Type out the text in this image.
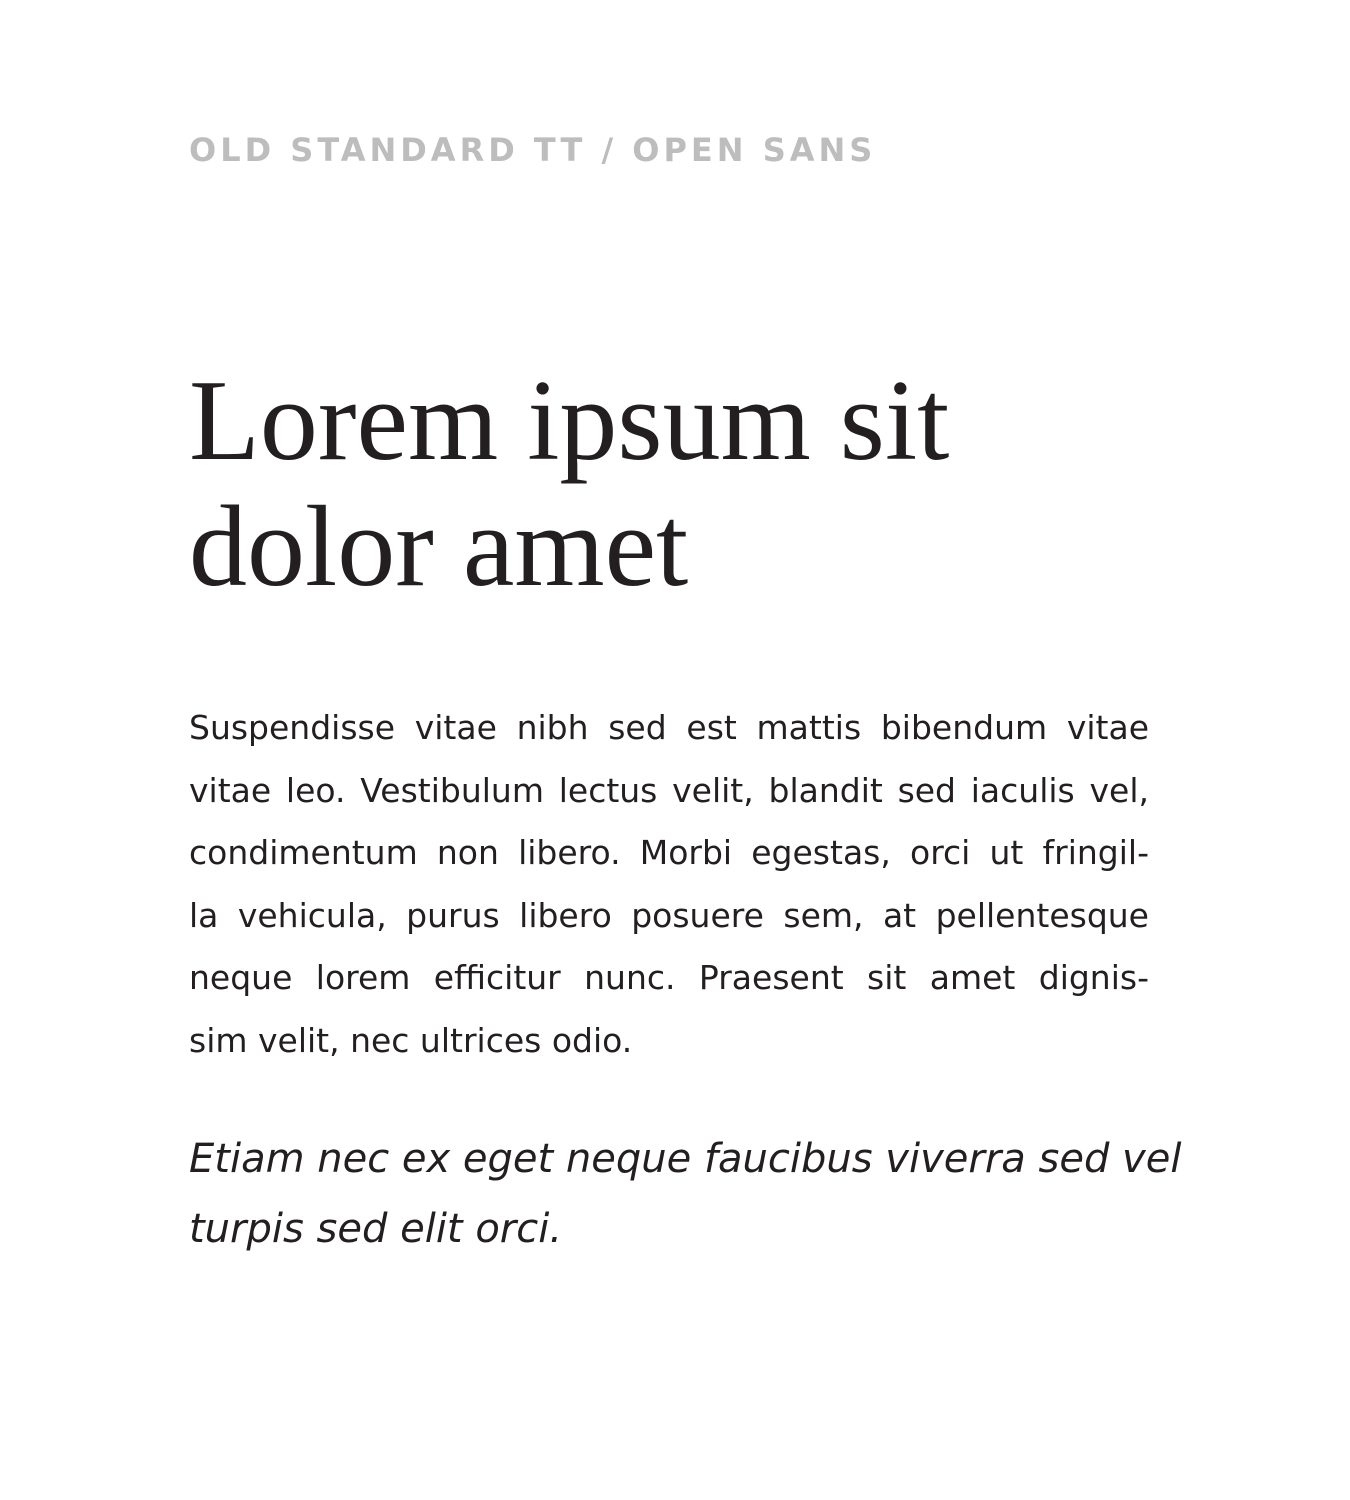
OLD STANDARD TT / OPEN SANS
Lorem ipsum sit
dolor amet

Suspendisse vitae nibh sed est mattis bibendum vitae
vitae leo. Vestibulum lectus velit, blandit sed iaculis vel,
condimentum non libero. Morbi egestas, orci ut fringil-
la vehicula, purus libero posuere sem, at pellentesque
neque lorem efficitur nunc. Praesent sit amet dignis-
sim velit, nec ultrices odio.

Etiam nec ex eget neque faucibus viverra sed vel
turpis sed elit orci.
